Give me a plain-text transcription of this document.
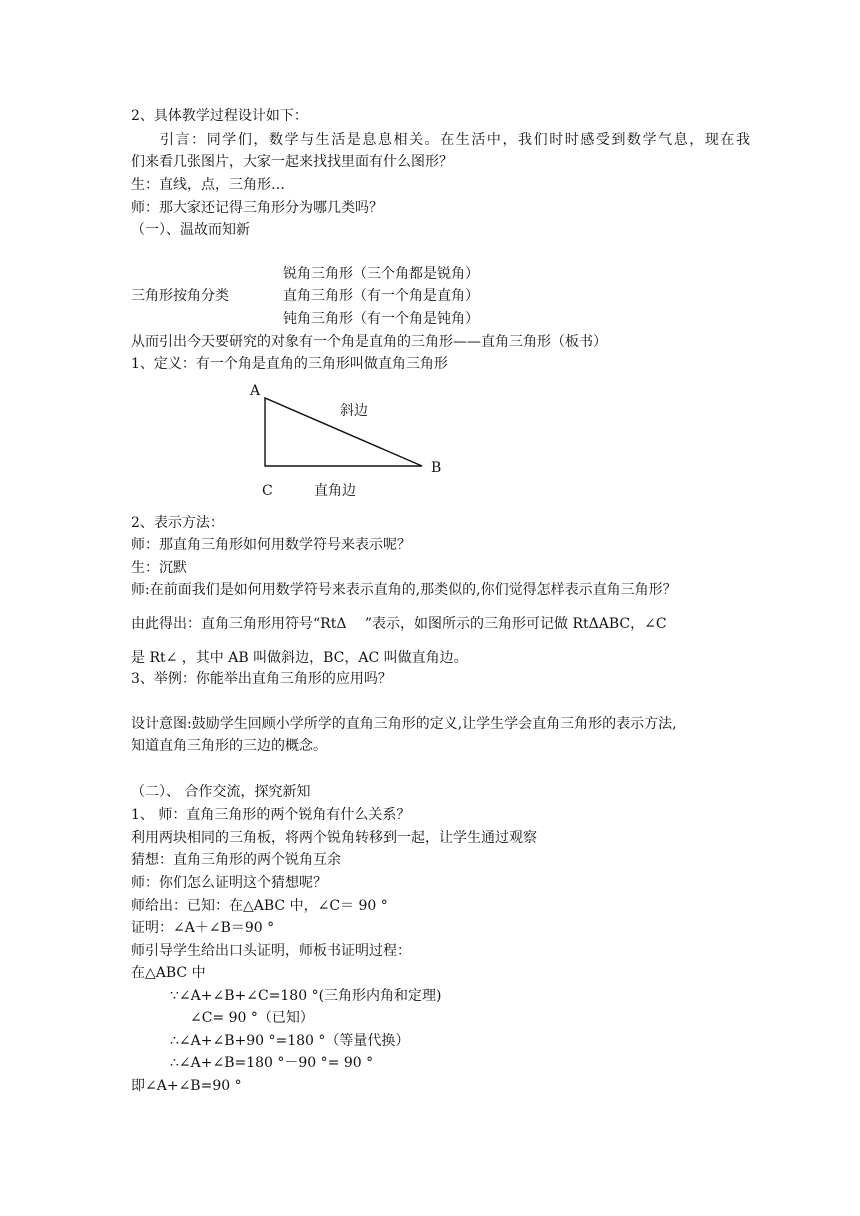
2、具体教学过程设计如下：
引言：同学们，数学与生活是息息相关。在生活中，我们时时感受到数学气息，现在我
们来看几张图片，大家一起来找找里面有什么图形？
生：直线，点，三角形…
师：那大家还记得三角形分为哪几类吗？
（一）、温故而知新
锐角三角形（三个角都是锐角）
三角形按角分类	直角三角形（有一个角是直角）
钝角三角形（有一个角是钝角）
从而引出今天要研究的对象有一个角是直角的三角形——直角三角形（板书）
1、定义：有一个角是直角的三角形叫做直角三角形
A
斜边
B
C	直角边
2、表示方法：
师：那直角三角形如何用数学符号来表示呢？
生：沉默
师:在前面我们是如何用数学符号来表示直角的,那类似的,你们觉得怎样表示直角三角形？
由此得出：直角三角形用符号“RtΔ　 ”表示，如图所示的三角形可记做 RtΔABC，∠C
是 Rt∠ ，其中 AB 叫做斜边，BC，AC 叫做直角边。
3、举例：你能举出直角三角形的应用吗？
设计意图:鼓励学生回顾小学所学的直角三角形的定义,让学生学会直角三角形的表示方法,
知道直角三角形的三边的概念。
（二）、 合作交流，探究新知
1、 师：直角三角形的两个锐角有什么关系？
利用两块相同的三角板，将两个锐角转移到一起，让学生通过观察
猜想：直角三角形的两个锐角互余
师：你们怎么证明这个猜想呢？
师给出：已知：在△ABC 中，∠C＝ 90 °
证明：∠A＋∠B＝90 °
师引导学生给出口头证明，师板书证明过程：
在△ABC 中
∵∠A+∠B+∠C=180 °(三角形内角和定理)
∠C= 90 °（已知）
∴∠A+∠B+90 °=180 °（等量代换）
∴∠A+∠B=180 °－90 °= 90 °
即∠A+∠B=90 °
